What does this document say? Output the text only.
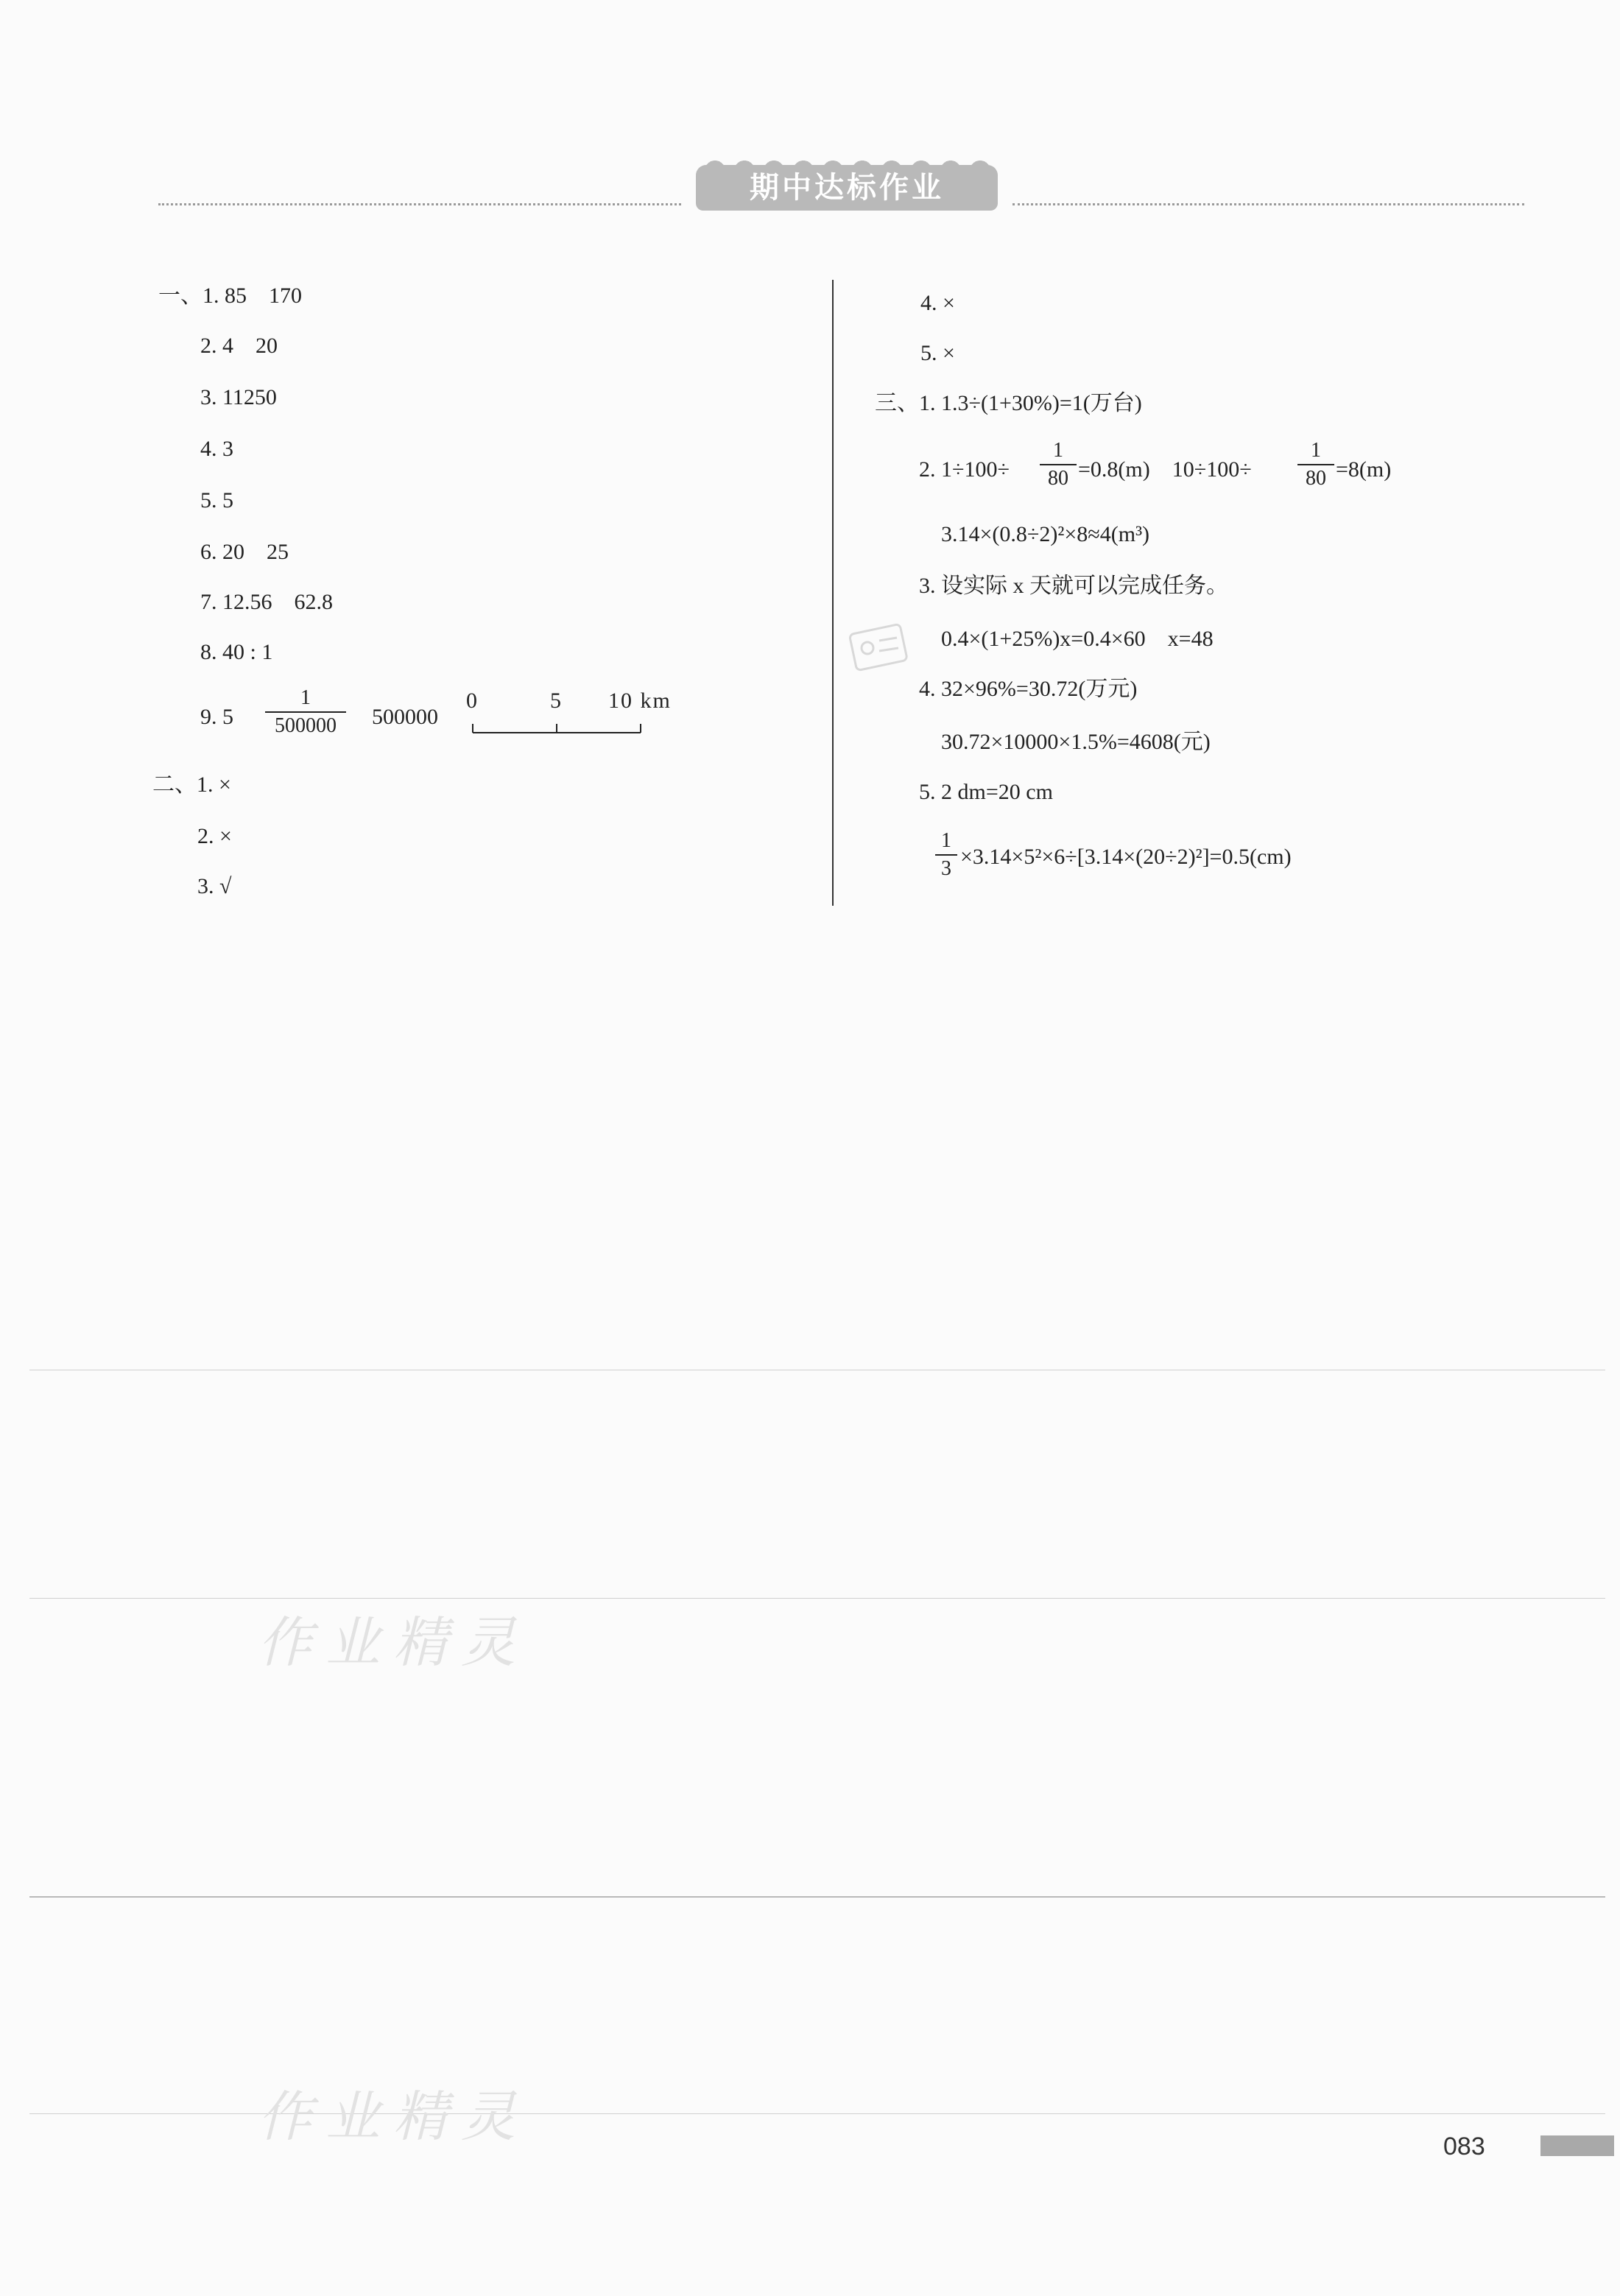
期中达标作业
一、1. 85　170
2. 4　20
3. 11250
4. 3
5. 5
6. 20　25
7. 12.56　62.8
8. 40 : 1
9. 5
1
500000	500000
0	5 10 km
二、1. ×
2. ×
3. √
4. ×
5. ×
三、1. 1.3÷(1+30%)=1(万台)
2. 1÷100÷
1
80 =0.8(m)　10÷100÷
1
80 =8(m)
3.14×(0.8÷2)²×8≈4(m³)
3. 设实际 x 天就可以完成任务。
0.4×(1+25%)x=0.4×60　x=48
4. 32×96%=30.72(万元)
30.72×10000×1.5%=4608(元)
5. 2 dm=20 cm
1
3 ×3.14×5²×6÷[3.14×(20÷2)²]=0.5(cm)
作业精灵
作业精灵	083
